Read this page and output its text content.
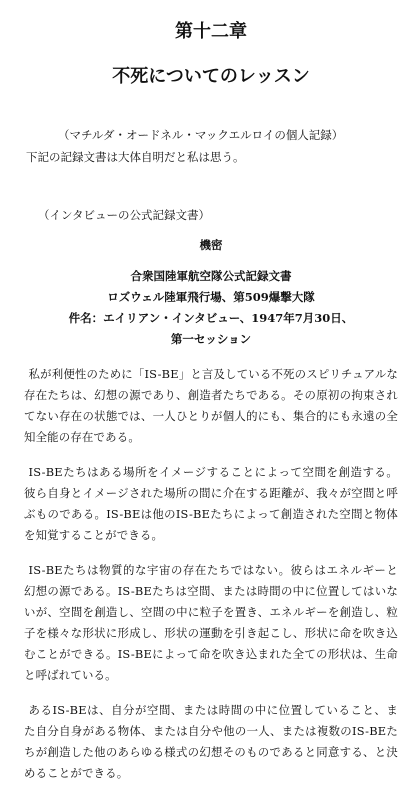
第十二章
不死についてのレッスン

（マチルダ・オードネル・マックエルロイの個人記録）

下記の記録文書は大体自明だと私は思う。

（インタビューの公式記録文書）

機密

合衆国陸軍航空隊公式記録文書
ロズウェル陸軍飛行場、第509爆撃大隊
件名：エイリアン・インタビュー、1947年7月30日、
第一セッション

私が利便性のために「IS-BE」と言及している不死のスピリチュアルな存在たちは、幻想の源であり、創造者たちである。その原初の拘束されてない存在の状態では、一人ひとりが個人的にも、集合的にも永遠の全知全能の存在である。

IS-BEたちはある場所をイメージすることによって空間を創造する。彼ら自身とイメージされた場所の間に介在する距離が、我々が空間と呼ぶものである。IS-BEは他のIS-BEたちによって創造された空間と物体を知覚することができる。

IS-BEたちは物質的な宇宙の存在たちではない。彼らはエネルギーと幻想の源である。IS-BEたちは空間、または時間の中に位置してはいないが、空間を創造し、空間の中に粒子を置き、エネルギーを創造し、粒子を様々な形状に形成し、形状の運動を引き起こし、形状に命を吹き込むことができる。IS-BEによって命を吹き込まれた全ての形状は、生命と呼ばれている。

あるIS-BEは、自分が空間、または時間の中に位置していること、また自分自身がある物体、または自分や他の一人、または複数のIS-BEたちが創造した他のあらゆる様式の幻想そのものであると同意する、と決めることができる。
